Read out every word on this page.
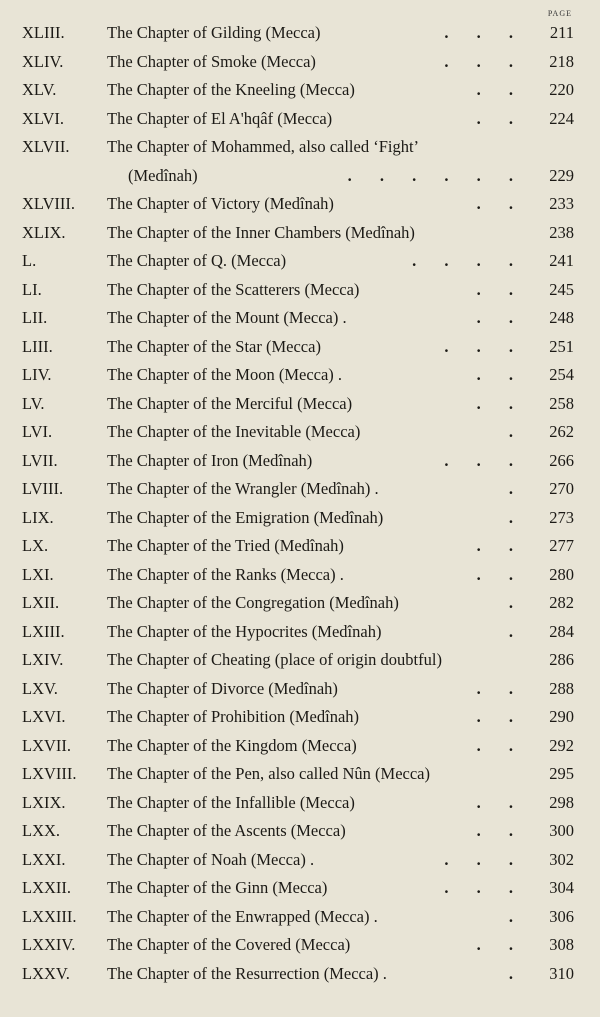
PAGE
XLIII.	The Chapter of Gilding (Mecca)	. . . 211
XLIV.	The Chapter of Smoke (Mecca)	. . . 218
XLV.	The Chapter of the Kneeling (Mecca)	. . 220
XLVI.	The Chapter of El A'hqâf (Mecca)	. . 224
XLVII. The Chapter of Mohammed, also called ‘Fight’
(Medînah)	. . . . . . 229
XLVIII. The Chapter of Victory (Medînah)	. . 233
XLIX.	The Chapter of the Inner Chambers (Medînah)	238
L.	The Chapter of Q. (Mecca)	. . . . 241
LI.	The Chapter of the Scatterers (Mecca)	. . 245
LII.	The Chapter of the Mount (Mecca) .	. . 248
LIII.	The Chapter of the Star (Mecca)	. . . 251
LIV.	The Chapter of the Moon (Mecca) .	. . 254
LV.	The Chapter of the Merciful (Mecca)	. . 258
LVI.	The Chapter of the Inevitable (Mecca)	. 262
LVII.	The Chapter of Iron (Medînah)	. . . 266
LVIII.	The Chapter of the Wrangler (Medînah) .	. 270
LIX.	The Chapter of the Emigration (Medînah)	. 273
LX.	The Chapter of the Tried (Medînah)	. . 277
LXI.	The Chapter of the Ranks (Mecca) .	. . 280
LXII.	The Chapter of the Congregation (Medînah)	. 282
LXIII.	The Chapter of the Hypocrites (Medînah)	. 284
LXIV.	The Chapter of Cheating (place of origin doubtful)	286
LXV.	The Chapter of Divorce (Medînah)	. . 288
LXVI.	The Chapter of Prohibition (Medînah)	. . 290
LXVII. The Chapter of the Kingdom (Mecca)	. . 292
LXVIII. The Chapter of the Pen, also called Nûn (Mecca)	295
LXIX.	The Chapter of the Infallible (Mecca)	. . 298
LXX.	The Chapter of the Ascents (Mecca)	. . 300
LXXI.	The Chapter of Noah (Mecca) .	. . . 302
LXXII. The Chapter of the Ginn (Mecca)	. . . 304
LXXIII. The Chapter of the Enwrapped (Mecca) .	. 306
LXXIV. The Chapter of the Covered (Mecca)	. . 308
LXXV. The Chapter of the Resurrection (Mecca) .	. 310
